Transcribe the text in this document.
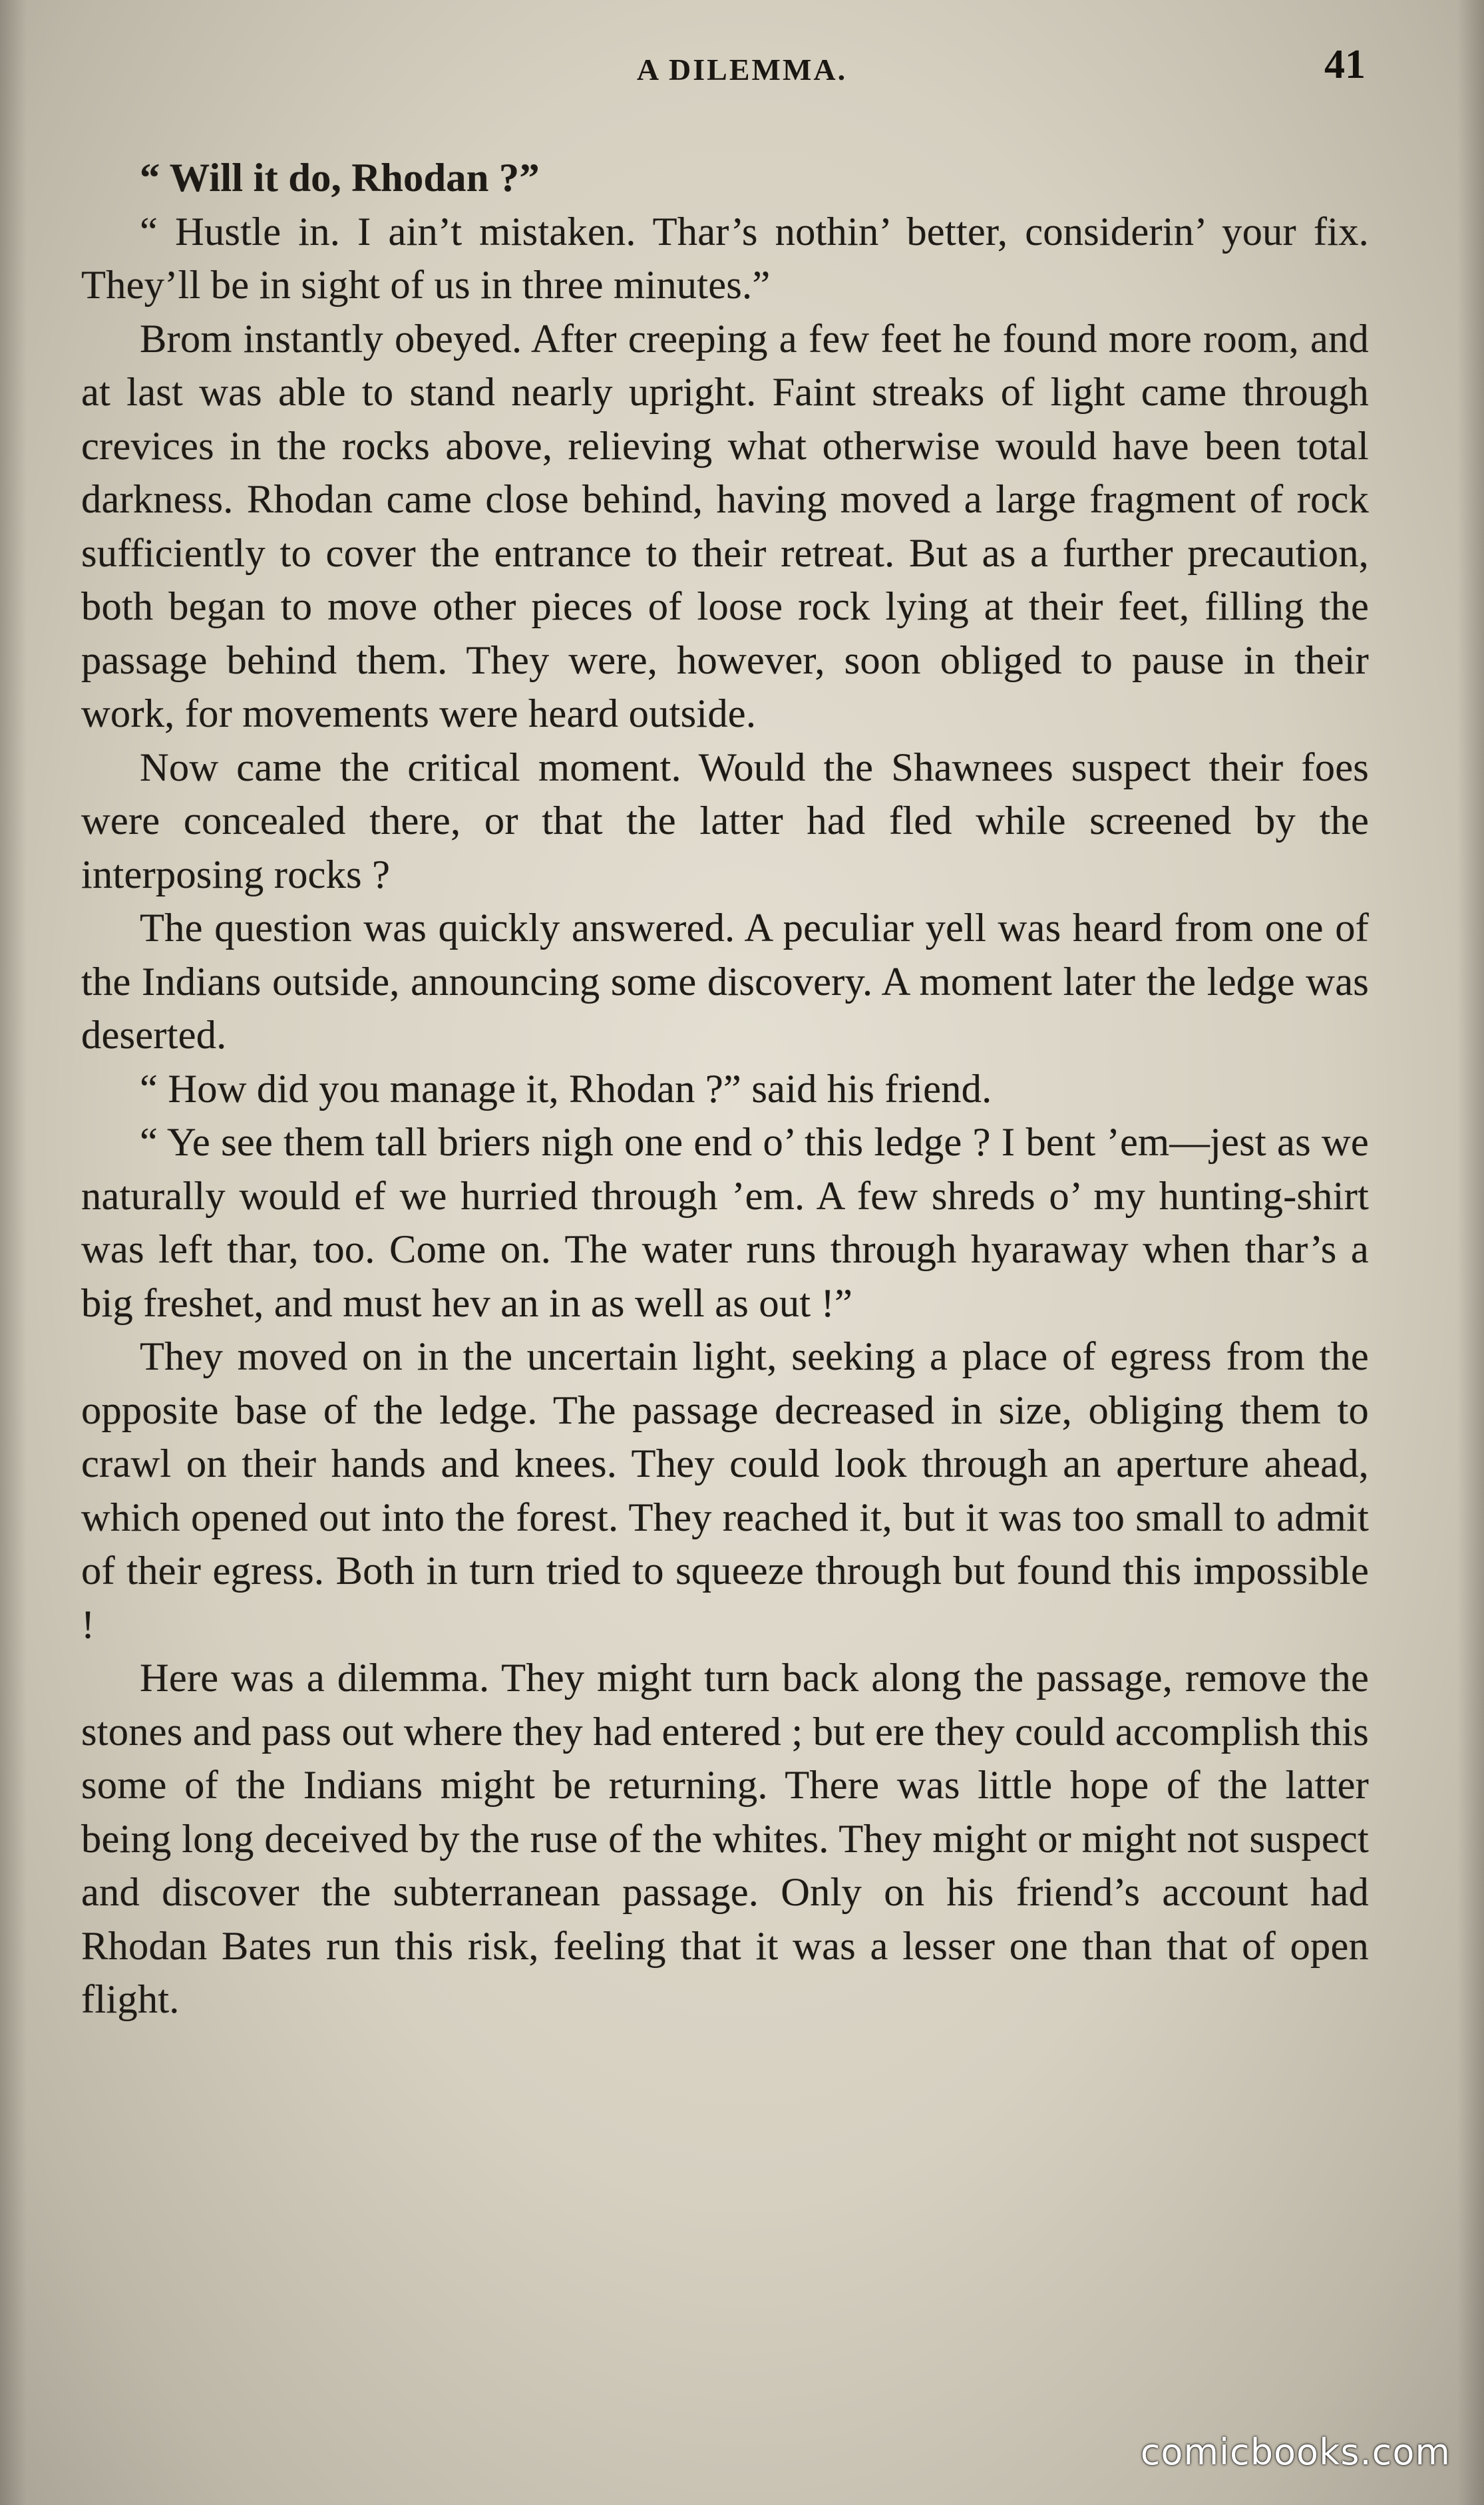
A DILEMMA.	41

“ Will it do, Rhodan ?”

“ Hustle in. I ain’t mistaken. Thar’s nothin’ better, considerin’ your fix. They’ll be in sight of us in three minutes.”

Brom instantly obeyed. After creeping a few feet he found more room, and at last was able to stand nearly upright. Faint streaks of light came through crevices in the rocks above, relieving what otherwise would have been total darkness. Rhodan came close behind, having moved a large fragment of rock sufficiently to cover the entrance to their retreat. But as a further precaution, both began to move other pieces of loose rock lying at their feet, filling the passage behind them. They were, however, soon obliged to pause in their work, for movements were heard outside.

Now came the critical moment. Would the Shawnees suspect their foes were concealed there, or that the latter had fled while screened by the interposing rocks ?

The question was quickly answered. A peculiar yell was heard from one of the Indians outside, announcing some discovery. A moment later the ledge was deserted.

“ How did you manage it, Rhodan ?” said his friend.

“ Ye see them tall briers nigh one end o’ this ledge ? I bent ’em—jest as we naturally would ef we hurried through ’em. A few shreds o’ my hunting-shirt was left thar, too. Come on. The water runs through hyaraway when thar’s a big freshet, and must hev an in as well as out !”

They moved on in the uncertain light, seeking a place of egress from the opposite base of the ledge. The passage decreased in size, obliging them to crawl on their hands and knees. They could look through an aperture ahead, which opened out into the forest. They reached it, but it was too small to admit of their egress. Both in turn tried to squeeze through but found this impossible !

Here was a dilemma. They might turn back along the passage, remove the stones and pass out where they had entered ; but ere they could accomplish this some of the Indians might be returning. There was little hope of the latter being long deceived by the ruse of the whites. They might or might not suspect and discover the subterranean passage. Only on his friend’s account had Rhodan Bates run this risk, feeling that it was a lesser one than that of open flight.

comicbooks.com
